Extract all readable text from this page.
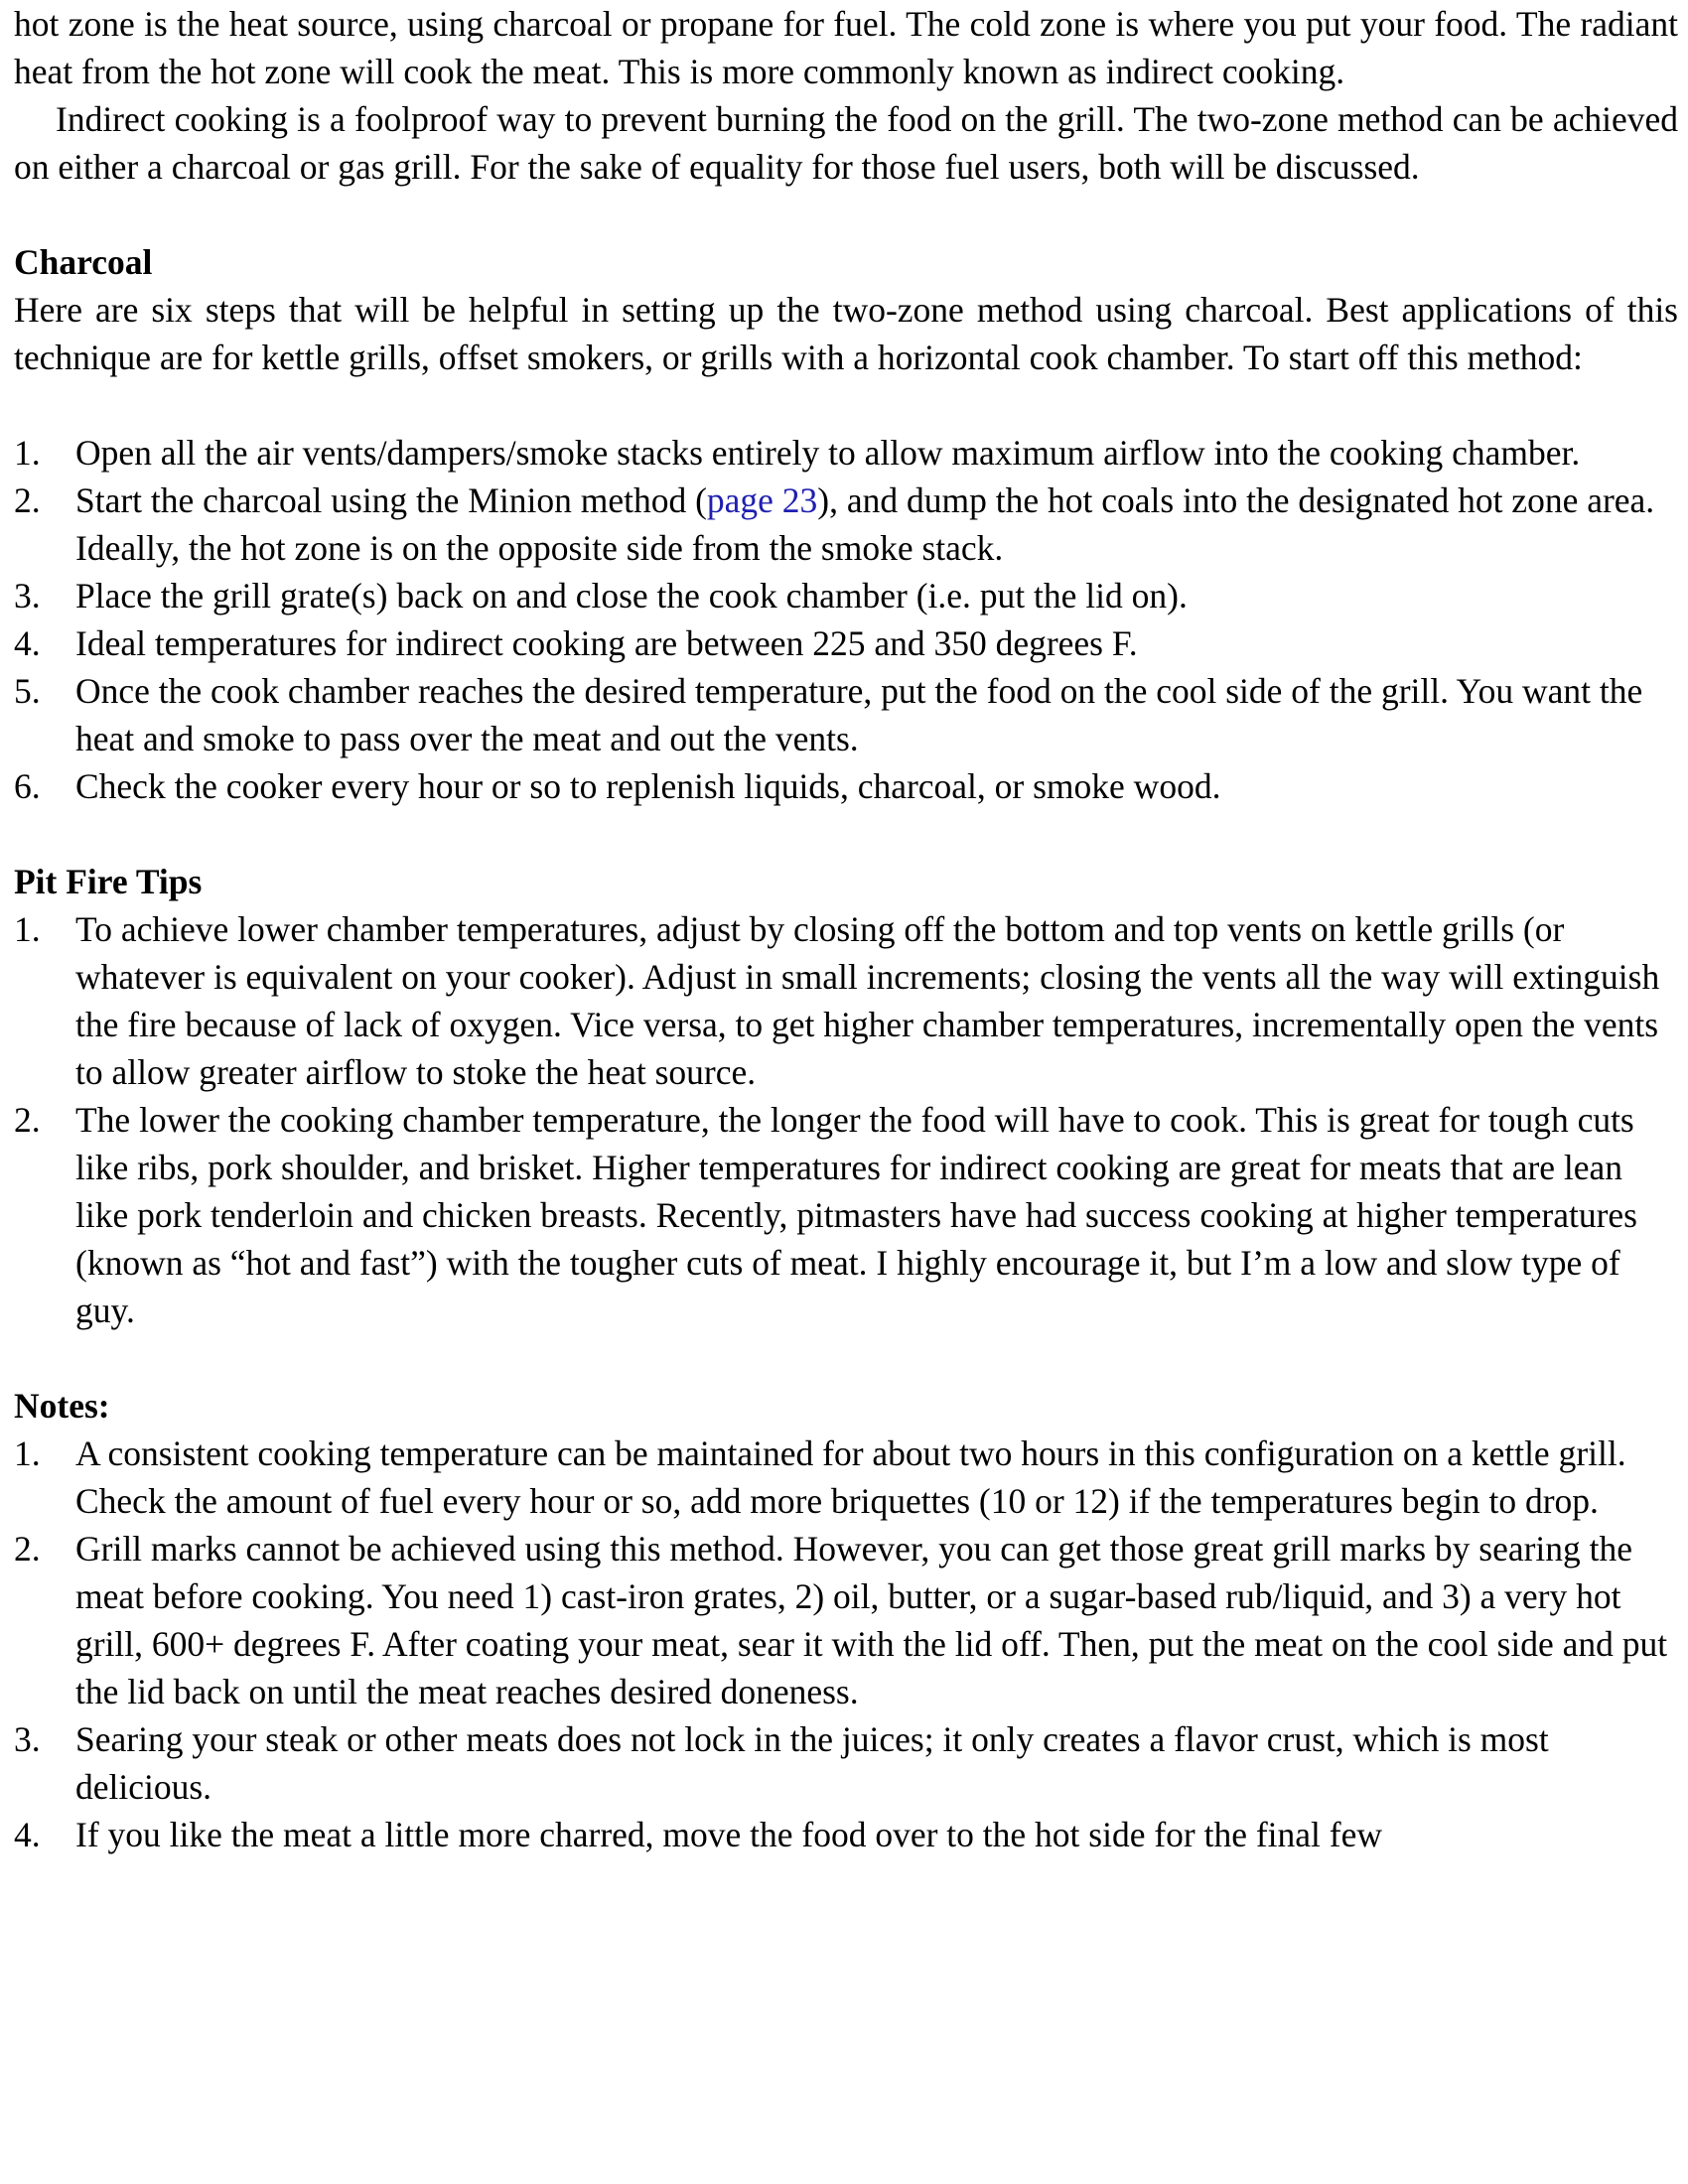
hot zone is the heat source, using charcoal or propane for fuel. The cold zone is where you put your food. The radiant heat from the hot zone will cook the meat. This is more commonly known as indirect cooking.

Indirect cooking is a foolproof way to prevent burning the food on the grill. The two-zone method can be achieved on either a charcoal or gas grill. For the sake of equality for those fuel users, both will be discussed.

Charcoal

Here are six steps that will be helpful in setting up the two-zone method using charcoal. Best applications of this technique are for kettle grills, offset smokers, or grills with a horizontal cook chamber. To start off this method:

1. Open all the air vents/dampers/smoke stacks entirely to allow maximum airflow into the cooking chamber.
2. Start the charcoal using the Minion method (page 23), and dump the hot coals into the designated hot zone area. Ideally, the hot zone is on the opposite side from the smoke stack.
3. Place the grill grate(s) back on and close the cook chamber (i.e. put the lid on).
4. Ideal temperatures for indirect cooking are between 225 and 350 degrees F.
5. Once the cook chamber reaches the desired temperature, put the food on the cool side of the grill. You want the heat and smoke to pass over the meat and out the vents.
6. Check the cooker every hour or so to replenish liquids, charcoal, or smoke wood.

Pit Fire Tips

1. To achieve lower chamber temperatures, adjust by closing off the bottom and top vents on kettle grills (or whatever is equivalent on your cooker). Adjust in small increments; closing the vents all the way will extinguish the fire because of lack of oxygen. Vice versa, to get higher chamber temperatures, incrementally open the vents to allow greater airflow to stoke the heat source.
2. The lower the cooking chamber temperature, the longer the food will have to cook. This is great for tough cuts like ribs, pork shoulder, and brisket. Higher temperatures for indirect cooking are great for meats that are lean like pork tenderloin and chicken breasts. Recently, pitmasters have had success cooking at higher temperatures (known as “hot and fast”) with the tougher cuts of meat. I highly encourage it, but I’m a low and slow type of guy.

Notes:

1. A consistent cooking temperature can be maintained for about two hours in this configuration on a kettle grill. Check the amount of fuel every hour or so, add more briquettes (10 or 12) if the temperatures begin to drop.
2. Grill marks cannot be achieved using this method. However, you can get those great grill marks by searing the meat before cooking. You need 1) cast-iron grates, 2) oil, butter, or a sugar-based rub/liquid, and 3) a very hot grill, 600+ degrees F. After coating your meat, sear it with the lid off. Then, put the meat on the cool side and put the lid back on until the meat reaches desired doneness.
3. Searing your steak or other meats does not lock in the juices; it only creates a flavor crust, which is most delicious.
4. If you like the meat a little more charred, move the food over to the hot side for the final few
